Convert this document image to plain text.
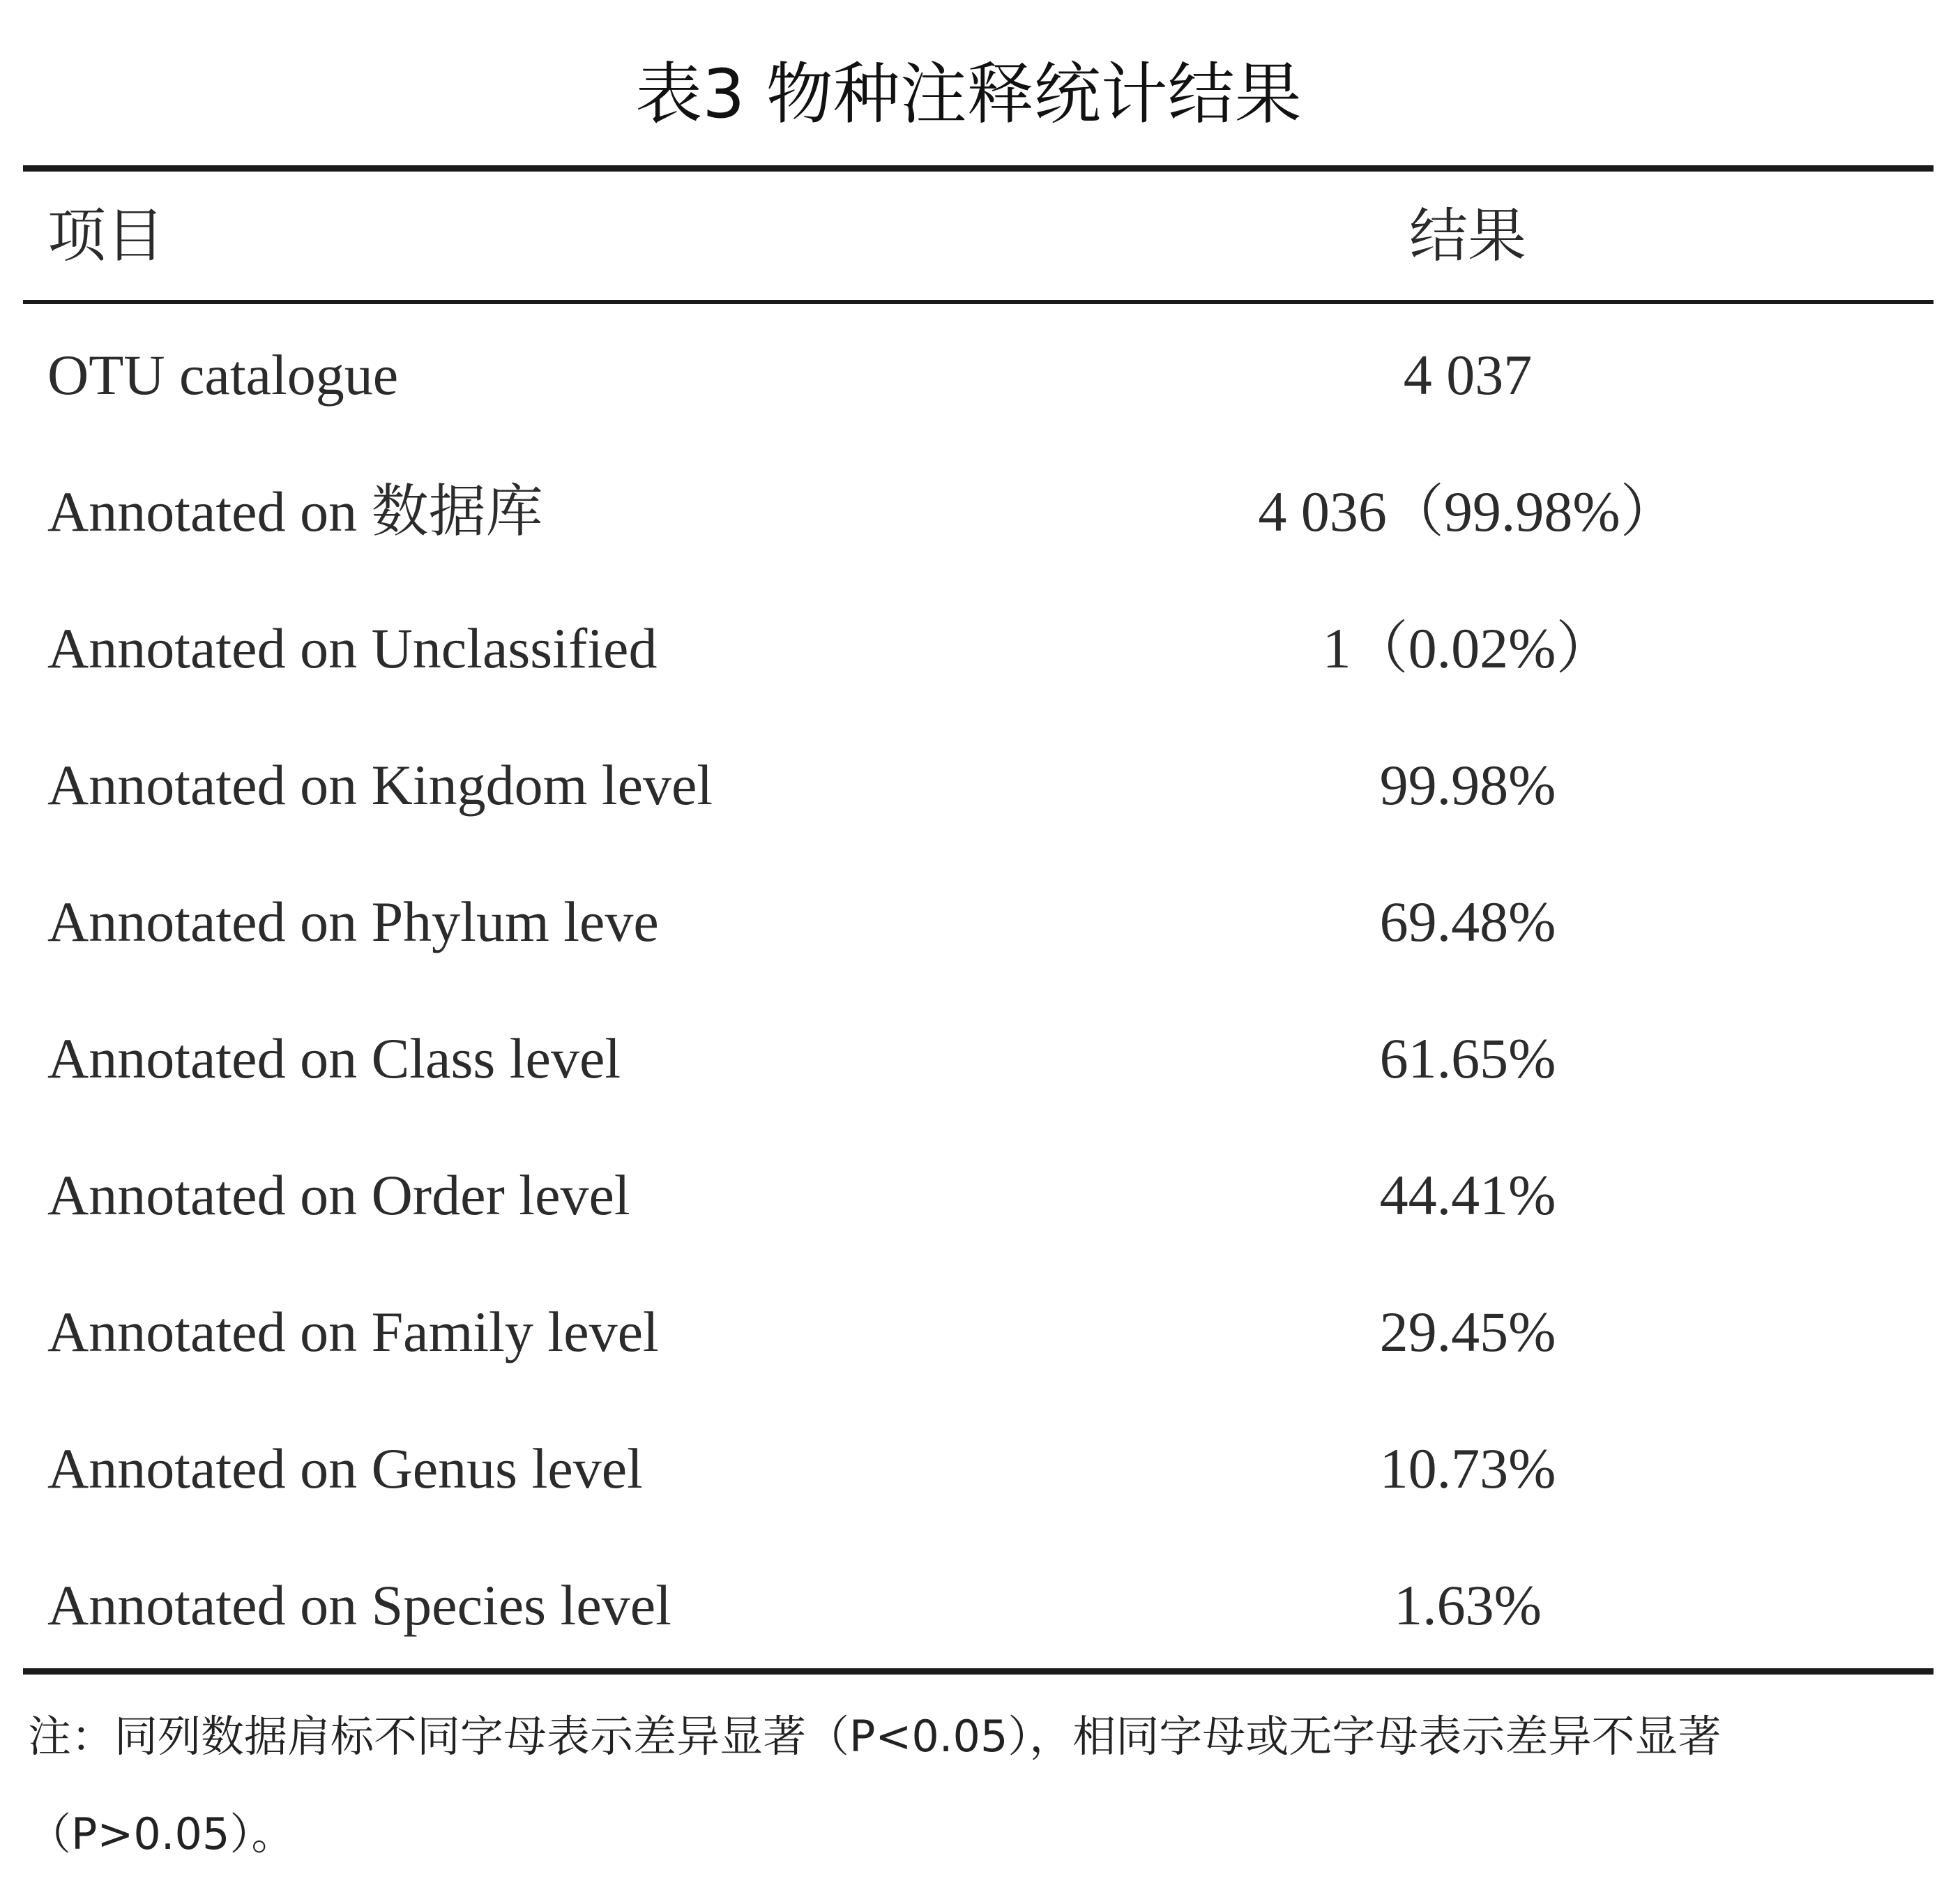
表3 物种注释统计结果
项目	结果
OTU catalogue	4 037
Annotated on 数据库	4 036（99.98%）
Annotated on Unclassified	1（0.02%）
Annotated on Kingdom level	99.98%
Annotated on Phylum leve	69.48%
Annotated on Class level	61.65%
Annotated on Order level	44.41%
Annotated on Family level	29.45%
Annotated on Genus level	10.73%
Annotated on Species level	1.63%
注：同列数据肩标不同字母表示差异显著（P<0.05），相同字母或无字母表示差异不显著（P>0.05）。
